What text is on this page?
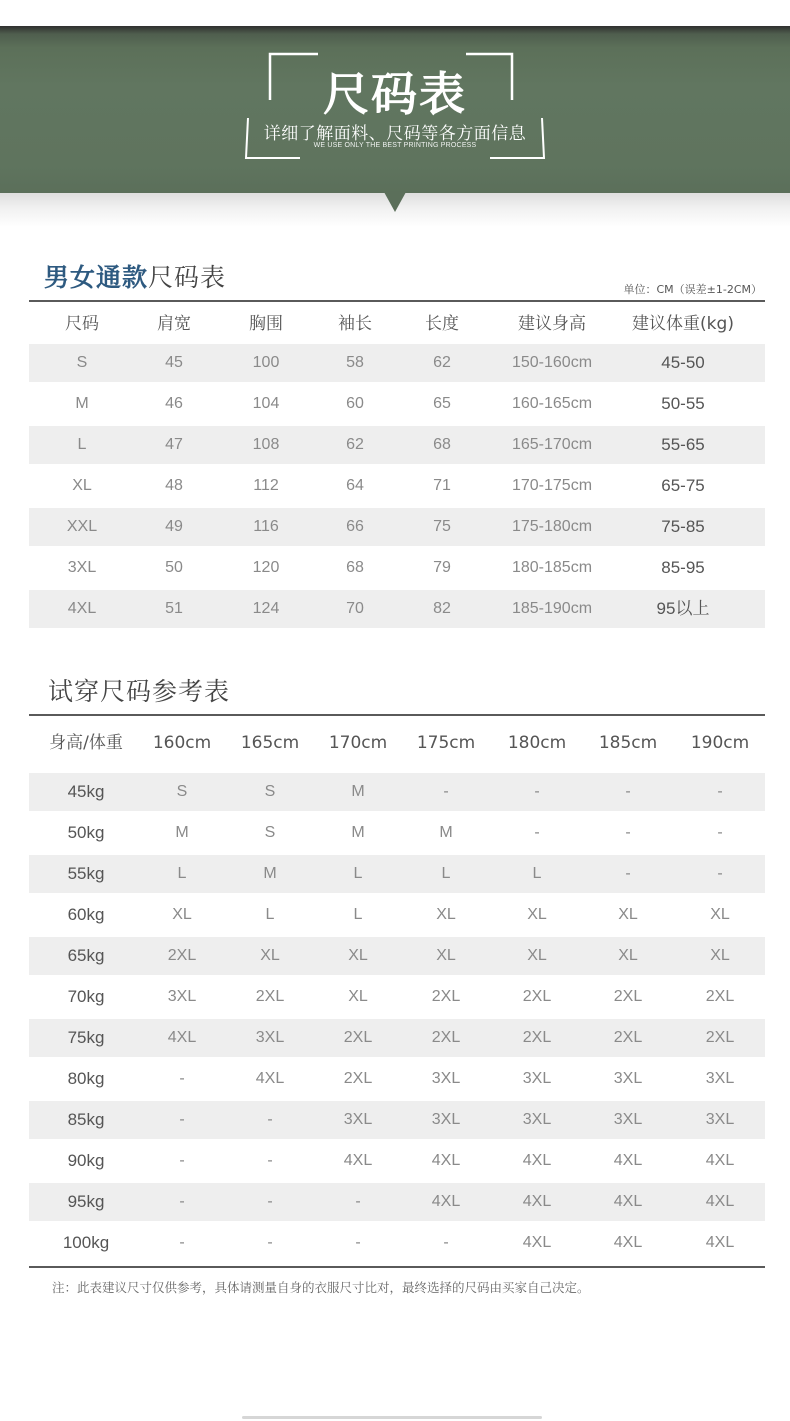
尺码表
详细了解面料、尺码等各方面信息
WE USE ONLY THE BEST PRINTING PROCESS
男女通款尺码表	单位：CM（误差±1-2CM）
尺码	肩宽	胸围	袖长	长度	建议身高	建议体重(kg)
S	45	100	58	62	150-160cm	45-50
M	46	104	60	65	160-165cm	50-55
L	47	108	62	68	165-170cm	55-65
XL	48	112	64	71	170-175cm	65-75
XXL	49	116	66	75	175-180cm	75-85
3XL	50	120	68	79	180-185cm	85-95
4XL	51	124	70	82	185-190cm	95以上
试穿尺码参考表
身高/体重	160cm	165cm	170cm	175cm	180cm	185cm	190cm
45kg	S	S	M	-	-	-	-
50kg	M	S	M	M	-	-	-
55kg	L	M	L	L	L	-	-
60kg	XL	L	L	XL	XL	XL	XL
65kg	2XL	XL	XL	XL	XL	XL	XL
70kg	3XL	2XL	XL	2XL	2XL	2XL	2XL
75kg	4XL	3XL	2XL	2XL	2XL	2XL	2XL
80kg	-	4XL	2XL	3XL	3XL	3XL	3XL
85kg	-	-	3XL	3XL	3XL	3XL	3XL
90kg	-	-	4XL	4XL	4XL	4XL	4XL
95kg	-	-	-	4XL	4XL	4XL	4XL
100kg	-	-	-	-	4XL	4XL	4XL
注：此表建议尺寸仅供参考，具体请测量自身的衣服尺寸比对，最终选择的尺码由买家自己决定。
